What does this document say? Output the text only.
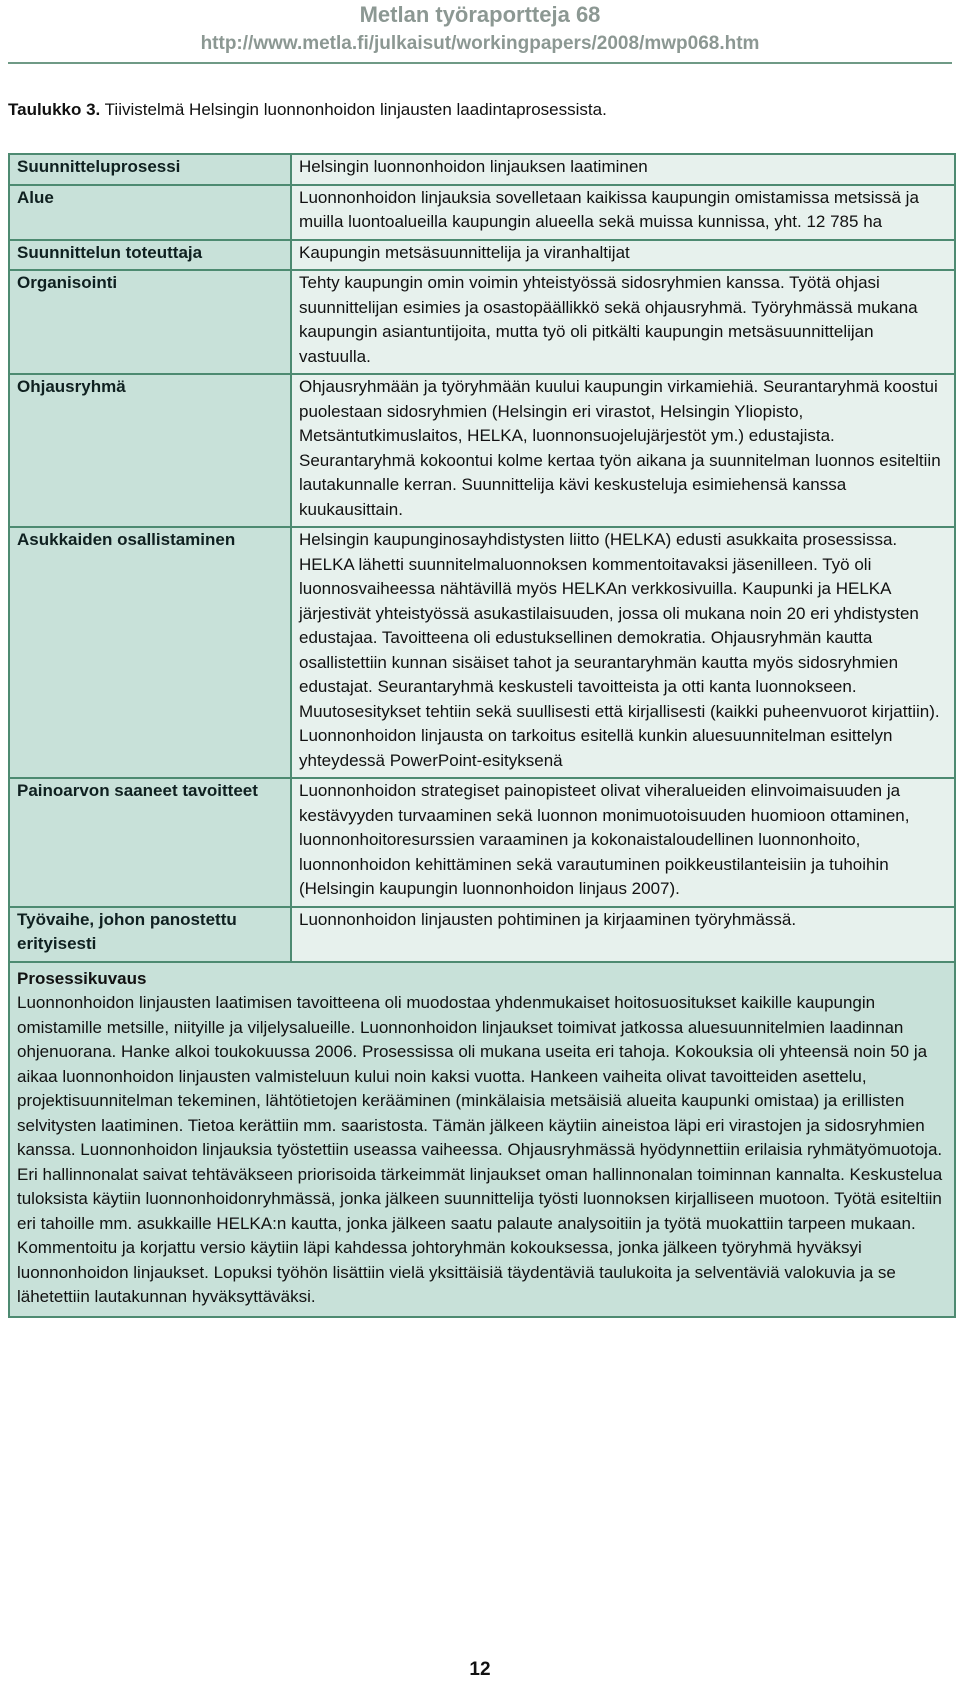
Metlan työraportteja 68
http://www.metla.fi/julkaisut/workingpapers/2008/mwp068.htm
Taulukko 3. Tiivistelmä Helsingin luonnonhoidon linjausten laadintaprosessista.
Suunnitteluprosessi	Helsingin luonnonhoidon linjauksen laatiminen
Alue	Luonnonhoidon linjauksia sovelletaan kaikissa kaupungin omistamissa metsissä ja muilla luontoalueilla kaupungin alueella sekä muissa kunnissa, yht. 12 785 ha
Suunnittelun toteuttaja	Kaupungin metsäsuunnittelija ja viranhaltijat
Organisointi	Tehty kaupungin omin voimin yhteistyössä sidosryhmien kanssa. Työtä ohjasi suunnittelijan esimies ja osastopäällikkö sekä ohjausryhmä. Työryhmässä mukana kaupungin asiantuntijoita, mutta työ oli pitkälti kaupungin metsäsuunnittelijan vastuulla.
Ohjausryhmä	Ohjausryhmään ja työryhmään kuului kaupungin virkamiehiä. Seurantaryhmä koostui puolestaan sidosryhmien (Helsingin eri virastot, Helsingin Yliopisto, Metsäntutkimuslaitos, HELKA, luonnonsuojelujärjestöt ym.) edustajista. Seurantaryhmä kokoontui kolme kertaa työn aikana ja suunnitelman luonnos esiteltiin lautakunnalle kerran. Suunnittelija kävi keskusteluja esimiehensä kanssa kuukausittain.
Asukkaiden osallistaminen	Helsingin kaupunginosayhdistysten liitto (HELKA) edusti asukkaita prosessissa. HELKA lähetti suunnitelmaluonnoksen kommentoitavaksi jäsenilleen. Työ oli luonnosvaiheessa nähtävillä myös HELKAn verkkosivuilla. Kaupunki ja HELKA järjestivät yhteistyössä asukastilaisuuden, jossa oli mukana noin 20 eri yhdistysten edustajaa. Tavoitteena oli edustuksellinen demokratia. Ohjausryhmän kautta osallistettiin kunnan sisäiset tahot ja seurantaryhmän kautta myös sidosryhmien edustajat. Seurantaryhmä keskusteli tavoitteista ja otti kanta luonnokseen. Muutosesitykset tehtiin sekä suullisesti että kirjallisesti (kaikki puheenvuorot kirjattiin). Luonnonhoidon linjausta on tarkoitus esitellä kunkin aluesuunnitelman esittelyn yhteydessä PowerPoint-esityksenä
Painoarvon saaneet tavoitteet	Luonnonhoidon strategiset painopisteet olivat viheralueiden elinvoimaisuuden ja kestävyyden turvaaminen sekä luonnon monimuotoisuuden huomioon ottaminen, luonnonhoitoresurssien varaaminen ja kokonaistaloudellinen luonnonhoito, luonnonhoidon kehittäminen sekä varautuminen poikkeustilanteisiin ja tuhoihin (Helsingin kaupungin luonnonhoidon linjaus 2007).
Työvaihe, johon panostettu erityisesti	Luonnonhoidon linjausten pohtiminen ja kirjaaminen työryhmässä.

Prosessikuvaus
Luonnonhoidon linjausten laatimisen tavoitteena oli muodostaa yhdenmukaiset hoitosuositukset kaikille kaupungin omistamille metsille, niityille ja viljelysalueille. Luonnonhoidon linjaukset toimivat jatkossa aluesuunnitelmien laadinnan ohjenuorana. Hanke alkoi toukokuussa 2006. Prosessissa oli mukana useita eri tahoja. Kokouksia oli yhteensä noin 50 ja aikaa luonnonhoidon linjausten valmisteluun kului noin kaksi vuotta. Hankeen vaiheita olivat tavoitteiden asettelu, projektisuunnitelman tekeminen, lähtötietojen kerääminen (minkälaisia metsäisiä alueita kaupunki omistaa) ja erillisten selvitysten laatiminen. Tietoa kerättiin mm. saaristosta. Tämän jälkeen käytiin aineistoa läpi eri virastojen ja sidosryhmien kanssa. Luonnonhoidon linjauksia työstettiin useassa vaiheessa. Ohjausryhmässä hyödynnettiin erilaisia ryhmätyömuotoja. Eri hallinnonalat saivat tehtäväkseen priorisoida tärkeimmät linjaukset oman hallinnonalan toiminnan kannalta. Keskustelua tuloksista käytiin luonnonhoidonryhmässä, jonka jälkeen suunnittelija työsti luonnoksen kirjalliseen muotoon. Työtä esiteltiin eri tahoille mm. asukkaille HELKA:n kautta, jonka jälkeen saatu palaute analysoitiin ja työtä muokattiin tarpeen mukaan. Kommentoitu ja korjattu versio käytiin läpi kahdessa johtoryhmän kokouksessa, jonka jälkeen työryhmä hyväksyi luonnonhoidon linjaukset. Lopuksi työhön lisättiin vielä yksittäisiä täydentäviä taulukoita ja selventäviä valokuvia ja se lähetettiin lautakunnan hyväksyttäväksi.	
12
